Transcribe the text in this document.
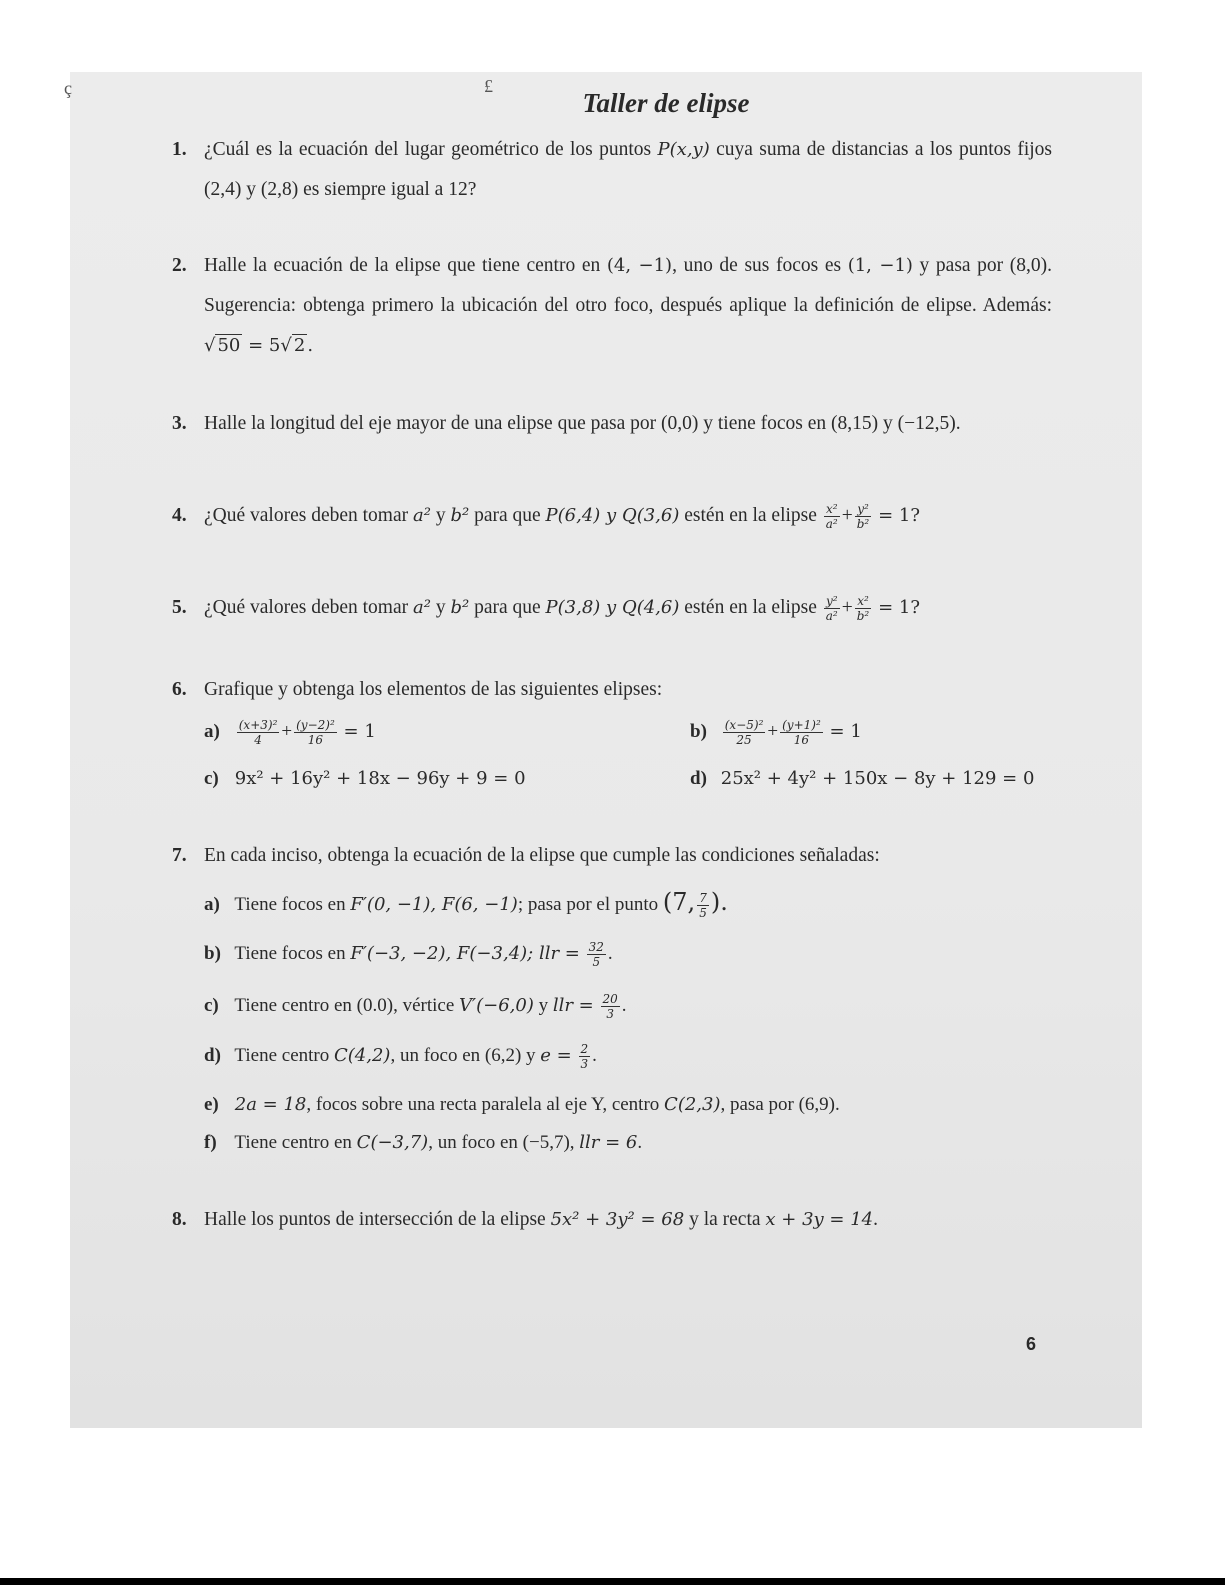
ç	£
Taller de elipse
1. ¿Cuál es la ecuación del lugar geométrico de los puntos P(x,y) cuya suma de distancias a los puntos fijos (2,4) y (2,8) es siempre igual a 12?
2. Halle la ecuación de la elipse que tiene centro en (4, −1), uno de sus focos es (1, −1) y pasa por (8,0). Sugerencia: obtenga primero la ubicación del otro foco, después aplique la definición de elipse. Además: √ 50 = 5√ 2 .
3. Halle la longitud del eje mayor de una elipse que pasa por (0,0) y tiene focos en (8,15) y (−12,5).
4. ¿Qué valores deben tomar a² y b² para que P(6,4) y Q(3,6) estén en la elipse $\frac{\text{x²}}{\text{a²}} + \frac{\text{y²}}{\text{b²}} = 1$?
5. ¿Qué valores deben tomar a² y b² para que P(3,8) y Q(4,6) estén en la elipse $\frac{\text{y²}}{\text{a²}} + \frac{\text{x²}}{\text{b²}} = 1$?
6. Grafique y obtenga los elementos de las siguientes elipses:
$a) \frac{\text{(x+3)²}}{4} + \frac{\text{(y−2)²}}{16} = 1$	$b) \frac{\text{(x−5)²}}{25} + \frac{\text{(y+1)²}}{16} = 1$
c) 9x² + 16y² + 18x − 96y + 9 = 0	d) 25x² + 4y² + 150x − 8y + 129 = 0
7. En cada inciso, obtenga la ecuación de la elipse que cumple las condiciones señaladas:
a) Tiene focos en F′(0, −1), F(6, −1); pasa por el punto (7, $\frac{7}{5}$ ).
b) Tiene focos en F′(−3, −2), F(−3,4); llr = $\frac{32}{5}$ .
c) Tiene centro en (0.0), vértice V′(−6,0) y llr = $\frac{20}{3}$ .
d) Tiene centro C(4,2), un foco en (6,2) y $e = \frac{2}{3}$ .
e) 2a = 18, focos sobre una recta paralela al eje Y, centro C(2,3), pasa por (6,9).
f) Tiene centro en C(−3,7), un foco en (−5,7), llr = 6.
8. Halle los puntos de intersección de la elipse 5x² + 3y² = 68 y la recta x + 3y = 14.
6
